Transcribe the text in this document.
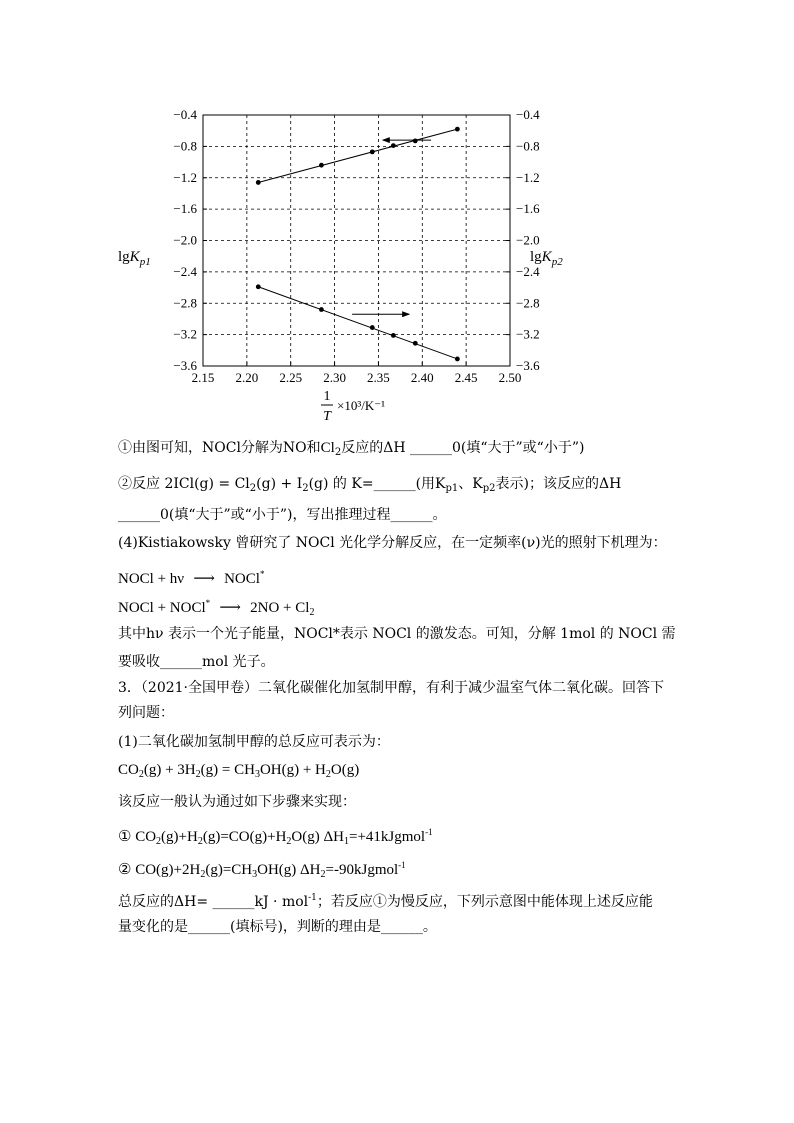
2.15 2.20 2.25 2.30 2.35 2.40 2.45 2.50
−0.4	−0.4
−0.8	−0.8
−1.2	−1.2
−1.6	−1.6
−2.0	−2.0
−2.4	−2.4
−2.8	−2.8
−3.2	−3.2
−3.6	−3.6
lgK$_{p1}$	lgK$_{p2}$
1
T
×10³/K⁻¹
①由图可知，NOCl分解为NO和$Cl_2$反应的ΔH ______0(填“大于”或“小于”)
②反应 $2ICl(g) = Cl_2(g) + I_2(g)$ 的 K=______(用$K_{p1}$、$K_{p2}$表示)；该反应的ΔH
______0(填“大于”或“小于”)，写出推理过程______。
(4)Kistiakowsky 曾研究了 NOCl 光化学分解反应，在一定频率(ν)光的照射下机理为：
NOCl + hν ⟶ NOCl*
NOCl + NOCl* ⟶ $2NO + Cl_2$
其中hν 表示一个光子能量，NOCl*表示 NOCl 的激发态。可知，分解 1mol 的 NOCl 需
要吸收______mol 光子。
3．（2021·全国甲卷）二氧化碳催化加氢制甲醇，有利于减少温室气体二氧化碳。回答下
列问题：
(1)二氧化碳加氢制甲醇的总反应可表示为：
$CO_2(g) + 3H_2(g) = CH_3OH(g) + H_2O(g)$
该反应一般认为通过如下步骤来实现：
① $CO_2(g)+H_2(g)=CO(g)+H_2O(g)$ $\Delta H_1=+41kJgmol^{-1}$
② $CO(g)+2H_2(g)=CH_3OH(g)$ $\Delta H_2=-90kJgmol^{-1}$
总反应的ΔH= ______kJ · mol$^{-1}$；若反应①为慢反应，下列示意图中能体现上述反应能
量变化的是______(填标号)，判断的理由是______。
